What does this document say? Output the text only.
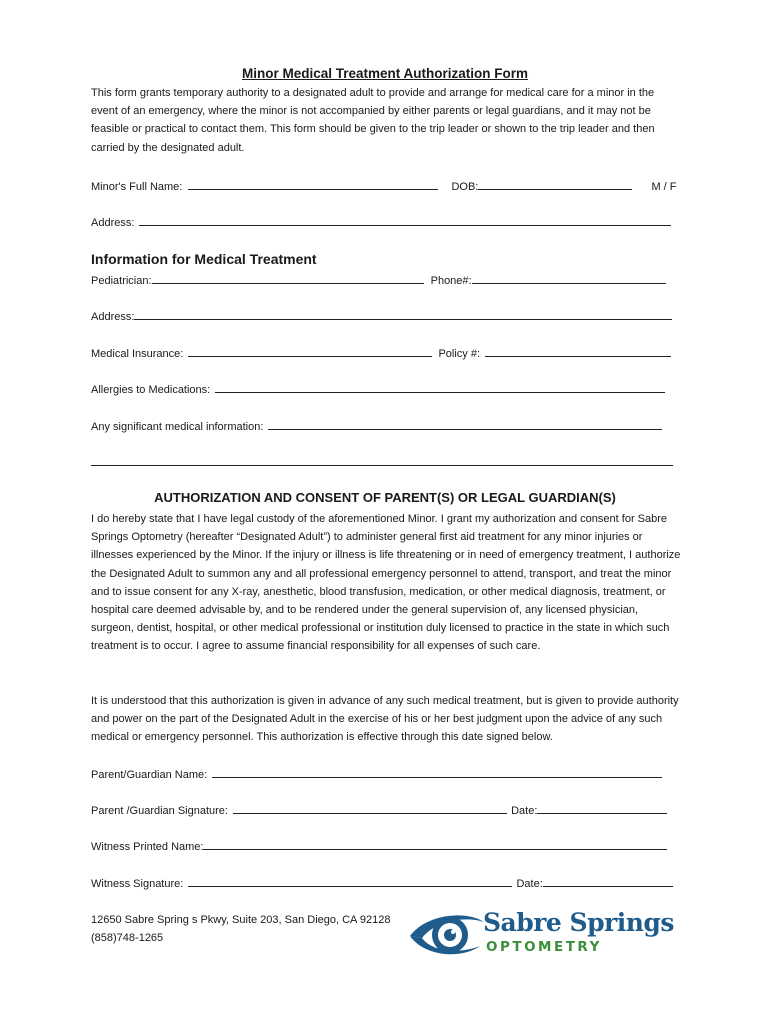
Minor Medical Treatment Authorization Form

This form grants temporary authority to a designated adult to provide and arrange for medical care for a minor in the event of an emergency, where the minor is not accompanied by either parents or legal guardians, and it may not be feasible or practical to contact them. This form should be given to the trip leader or shown to the trip leader and then carried by the designated adult.

Minor's Full Name:	DOB:	M / F
Address:
Information for Medical Treatment
Pediatrician:	Phone#:
Address:
Medical Insurance:	Policy #:
Allergies to Medications:
Any significant medical information:
AUTHORIZATION AND CONSENT OF PARENT(S) OR LEGAL GUARDIAN(S)

I do hereby state that I have legal custody of the aforementioned Minor. I grant my authorization and consent for Sabre Springs Optometry (hereafter “Designated Adult”) to administer general first aid treatment for any minor injuries or illnesses experienced by the Minor. If the injury or illness is life threatening or in need of emergency treatment, I authorize the Designated Adult to summon any and all professional emergency personnel to attend, transport, and treat the minor and to issue consent for any X-ray, anesthetic, blood transfusion, medication, or other medical diagnosis, treatment, or hospital care deemed advisable by, and to be rendered under the general supervision of, any licensed physician, surgeon, dentist, hospital, or other medical professional or institution duly licensed to practice in the state in which such treatment is to occur. I agree to assume financial responsibility for all expenses of such care.

It is understood that this authorization is given in advance of any such medical treatment, but is given to provide authority and power on the part of the Designated Adult in the exercise of his or her best judgment upon the advice of any such medical or emergency personnel. This authorization is effective through this date signed below.

Parent/Guardian Name:
Parent /Guardian Signature:	Date:
Witness Printed Name:
Witness Signature:	Date:
12650 Sabre Spring s Pkwy, Suite 203, San Diego, CA 92128
(858)748-1265
Sabre Springs
OPTOMETRY
